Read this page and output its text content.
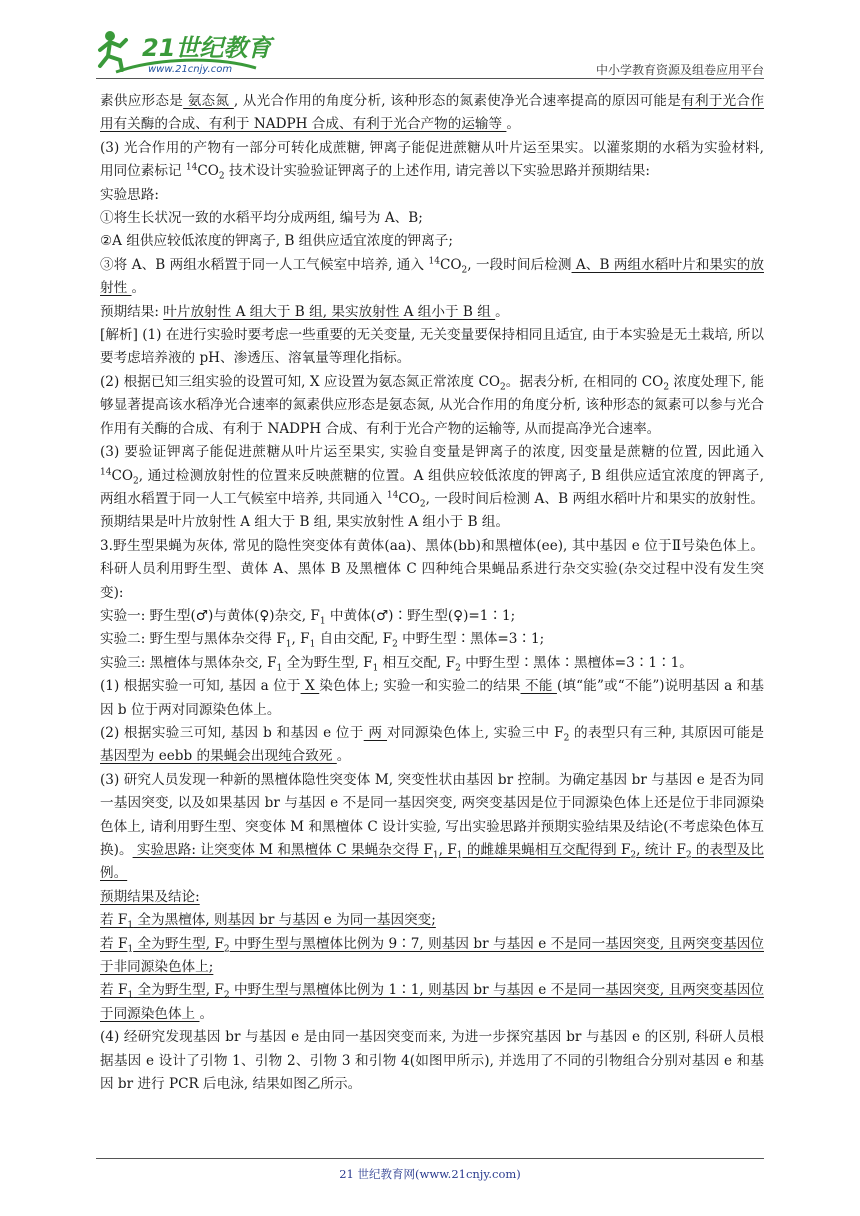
21世纪教育
www.21cnjy.com	中小学教育资源及组卷应用平台

素供应形态是 氨态氮 , 从光合作用的角度分析, 该种形态的氮素使净光合速率提高的原因可能是有利于光合作用有关酶的合成、有利于 NADPH 合成、有利于光合产物的运输等 。

(3) 光合作用的产物有一部分可转化成蔗糖, 钾离子能促进蔗糖从叶片运至果实。以灌浆期的水稻为实验材料, 用同位素标记 $^{14}CO_2$ 技术设计实验验证钾离子的上述作用, 请完善以下实验思路并预期结果:

实验思路:

①将生长状况一致的水稻平均分成两组, 编号为 A、B;

②A 组供应较低浓度的钾离子, B 组供应适宜浓度的钾离子;

③将 A、B 两组水稻置于同一人工气候室中培养, 通入 $^{14}CO_2$, 一段时间后检测 A、B 两组水稻叶片和果实的放射性 。

预期结果: 叶片放射性 A 组大于 B 组, 果实放射性 A 组小于 B 组 。

[解析] (1) 在进行实验时要考虑一些重要的无关变量, 无关变量要保持相同且适宜, 由于本实验是无土栽培, 所以要考虑培养液的 pH、渗透压、溶氧量等理化指标。

(2) 根据已知三组实验的设置可知, X 应设置为氨态氮正常浓度 $CO_2$。据表分析, 在相同的 $CO_2$ 浓度处理下, 能够显著提高该水稻净光合速率的氮素供应形态是氨态氮, 从光合作用的角度分析, 该种形态的氮素可以参与光合作用有关酶的合成、有利于 NADPH 合成、有利于光合产物的运输等, 从而提高净光合速率。

(3) 要验证钾离子能促进蔗糖从叶片运至果实, 实验自变量是钾离子的浓度, 因变量是蔗糖的位置, 因此通入 $^{14}CO_2$, 通过检测放射性的位置来反映蔗糖的位置。A 组供应较低浓度的钾离子, B 组供应适宜浓度的钾离子, 两组水稻置于同一人工气候室中培养, 共同通入 $^{14}CO_2$, 一段时间后检测 A、B 两组水稻叶片和果实的放射性。预期结果是叶片放射性 A 组大于 B 组, 果实放射性 A 组小于 B 组。

3.野生型果蝇为灰体, 常见的隐性突变体有黄体(aa)、黑体(bb)和黑檀体(ee), 其中基因 e 位于Ⅱ号染色体上。科研人员利用野生型、黄体 A、黑体 B 及黑檀体 C 四种纯合果蝇品系进行杂交实验(杂交过程中没有发生突变):

实验一: 野生型(♂)与黄体(♀)杂交, $F_1$ 中黄体(♂)∶野生型(♀)=1∶1;

实验二: 野生型与黑体杂交得 $F_1$, $F_1$ 自由交配, $F_2$ 中野生型∶黑体=3∶1;

实验三: 黑檀体与黑体杂交, $F_1$ 全为野生型, $F_1$ 相互交配, $F_2$ 中野生型∶黑体∶黑檀体=3∶1∶1。

(1) 根据实验一可知, 基因 a 位于 X 染色体上; 实验一和实验二的结果 不能 (填“能”或“不能”)说明基因 a 和基因 b 位于两对同源染色体上。

(2) 根据实验三可知, 基因 b 和基因 e 位于 两 对同源染色体上, 实验三中 $F_2$ 的表型只有三种, 其原因可能是 基因型为 eebb 的果蝇会出现纯合致死 。

(3) 研究人员发现一种新的黑檀体隐性突变体 M, 突变性状由基因 br 控制。为确定基因 br 与基因 e 是否为同一基因突变, 以及如果基因 br 与基因 e 不是同一基因突变, 两突变基因是位于同源染色体上还是位于非同源染色体上, 请利用野生型、突变体 M 和黑檀体 C 设计实验, 写出实验思路并预期实验结果及结论(不考虑染色体互换)。 实验思路: 让突变体 M 和黑檀体 C 果蝇杂交得 $F_1$, $F_1$ 的雌雄果蝇相互交配得到 $F_2$, 统计 $F_2$ 的表型及比例。

预期结果及结论:

若 $F_1$ 全为黑檀体, 则基因 br 与基因 e 为同一基因突变;

若 $F_1$ 全为野生型, $F_2$ 中野生型与黑檀体比例为 9∶7, 则基因 br 与基因 e 不是同一基因突变, 且两突变基因位于非同源染色体上;

若 $F_1$ 全为野生型, $F_2$ 中野生型与黑檀体比例为 1∶1, 则基因 br 与基因 e 不是同一基因突变, 且两突变基因位于同源染色体上 。

(4) 经研究发现基因 br 与基因 e 是由同一基因突变而来, 为进一步探究基因 br 与基因 e 的区别, 科研人员根据基因 e 设计了引物 1、引物 2、引物 3 和引物 4(如图甲所示), 并选用了不同的引物组合分别对基因 e 和基因 br 进行 PCR 后电泳, 结果如图乙所示。

21 世纪教育网(www.21cnjy.com)
